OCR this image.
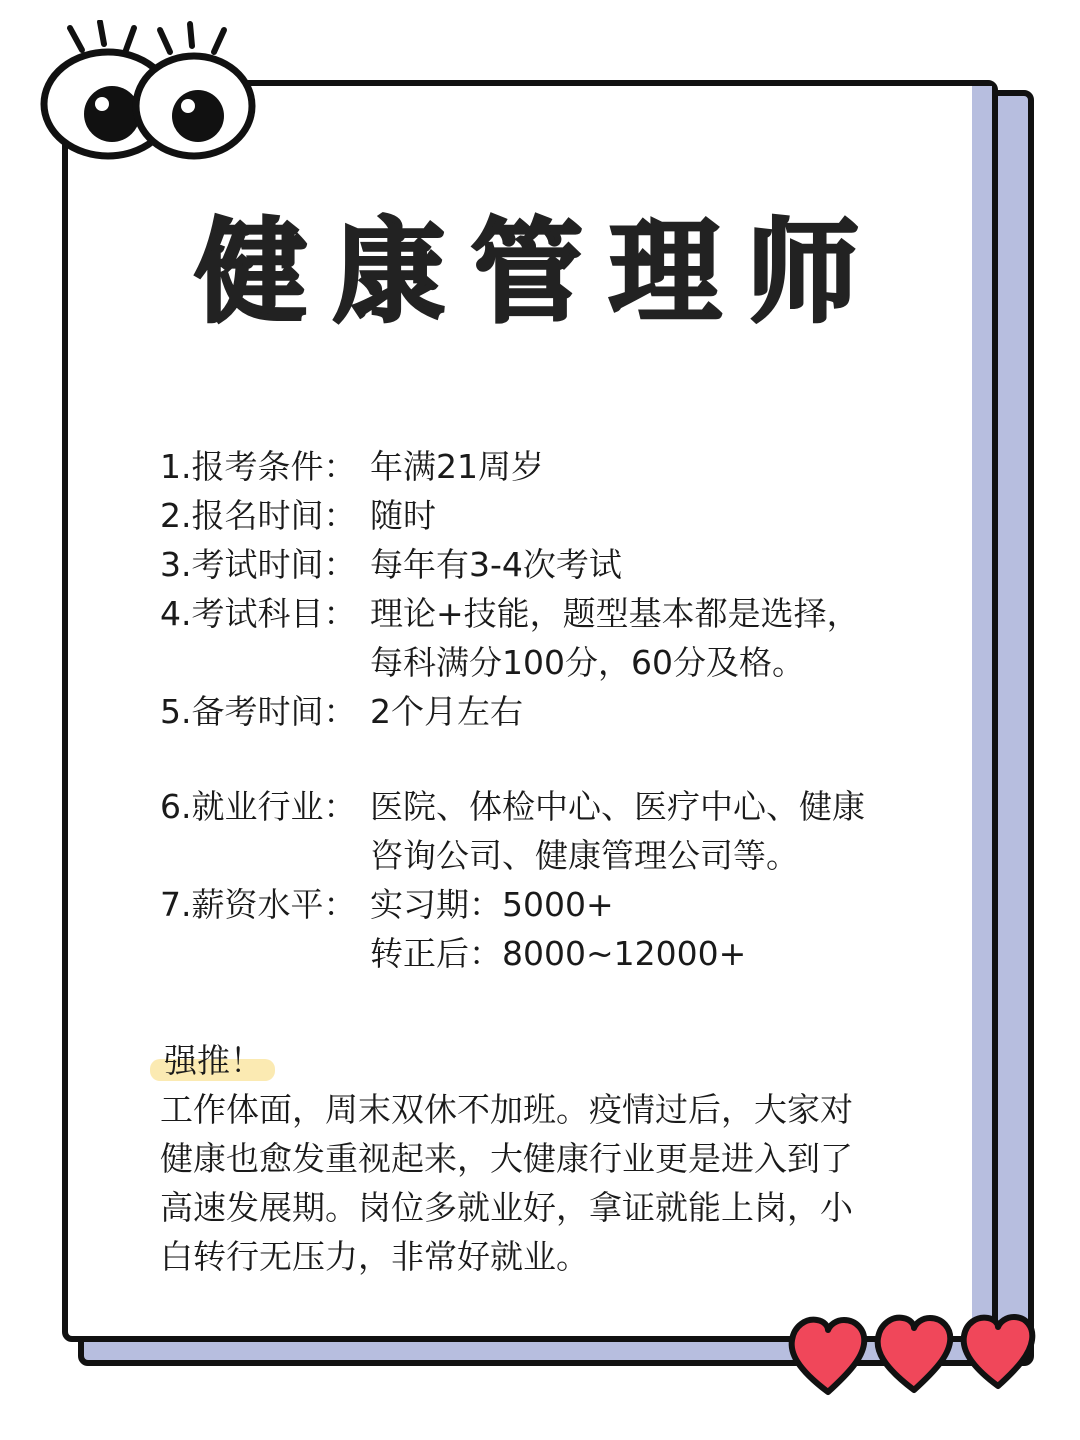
健康管理师
1.报考条件： 年满21周岁
2.报名时间： 随时
3.考试时间： 每年有3-4次考试
4.考试科目： 理论+技能，题型基本都是选择，
每科满分100分，60分及格。
5.备考时间： 2个月左右
6.就业行业： 医院、体检中心、医疗中心、健康
咨询公司、健康管理公司等。
7.薪资水平： 实习期：5000+
转正后：8000~12000+
强推！
工作体面，周末双休不加班。疫情过后，大家对
健康也愈发重视起来，大健康行业更是进入到了
高速发展期。岗位多就业好，拿证就能上岗，小
白转行无压力，非常好就业。
